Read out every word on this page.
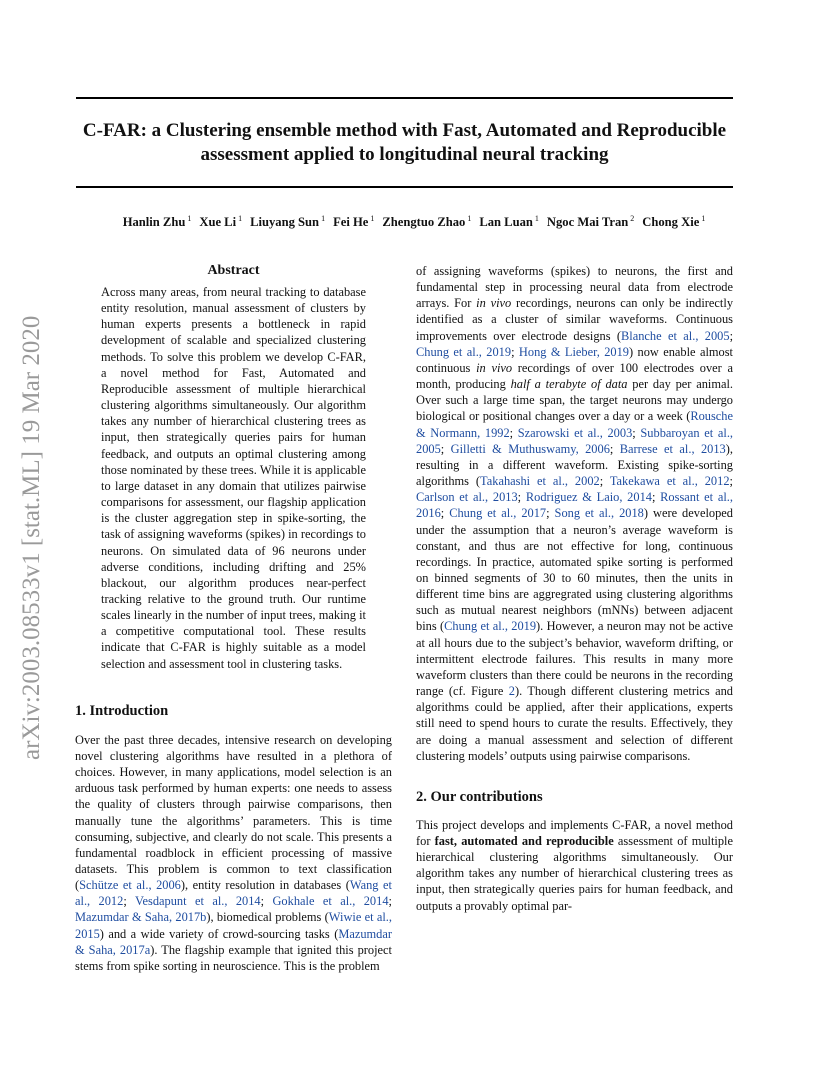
C-FAR: a Clustering ensemble method with Fast, Automated and Reproducible
assessment applied to longitudinal neural tracking
Hanlin Zhu $^1$ Xue Li $^1$ Liuyang Sun $^1$ Fei He $^1$ Zhengtuo Zhao $^1$ Lan Luan $^1$ Ngoc Mai Tran $^2$ Chong Xie $^1$
arXiv:2003.08533v1 [stat.ML] 19 Mar 2020
Abstract

Across many areas, from neural tracking to database entity resolution, manual assessment of clusters by human experts presents a bottleneck in rapid development of scalable and specialized clustering methods. To solve this problem we develop C-FAR, a novel method for Fast, Automated and Reproducible assessment of multiple hierarchical clustering algorithms simultaneously. Our algorithm takes any number of hierarchical clustering trees as input, then strategically queries pairs for human feedback, and outputs an optimal clustering among those nominated by these trees. While it is applicable to large dataset in any domain that utilizes pairwise comparisons for assessment, our flagship application is the cluster aggregation step in spike-sorting, the task of assigning waveforms (spikes) in recordings to neurons. On simulated data of 96 neurons under adverse conditions, including drifting and 25% blackout, our algorithm produces near-perfect tracking relative to the ground truth. Our runtime scales linearly in the number of input trees, making it a competitive computational tool. These results indicate that C-FAR is highly suitable as a model selection and assessment tool in clustering tasks.

1. Introduction

Over the past three decades, intensive research on developing novel clustering algorithms have resulted in a plethora of choices. However, in many applications, model selection is an arduous task performed by human experts: one needs to assess the quality of clusters through pairwise comparisons, then manually tune the algorithms’ parameters. This is time consuming, subjective, and clearly do not scale. This presents a fundamental roadblock in efficient processing of massive datasets. This problem is common to text classification (Schütze et al., 2006), entity resolution in databases (Wang et al., 2012; Vesdapunt et al., 2014; Gokhale et al., 2014; Mazumdar & Saha, 2017b), biomedical problems (Wiwie et al., 2015) and a wide variety of crowd-sourcing tasks (Mazumdar & Saha, 2017a). The flagship example that ignited this project stems from spike sorting in neuroscience. This is the problem

of assigning waveforms (spikes) to neurons, the first and fundamental step in processing neural data from electrode arrays. For in vivo recordings, neurons can only be indirectly identified as a cluster of similar waveforms. Continuous improvements over electrode designs (Blanche et al., 2005; Chung et al., 2019; Hong & Lieber, 2019) now enable almost continuous in vivo recordings of over 100 electrodes over a month, producing half a terabyte of data per day per animal. Over such a large time span, the target neurons may undergo biological or positional changes over a day or a week (Rousche & Normann, 1992; Szarowski et al., 2003; Subbaroyan et al., 2005; Gilletti & Muthuswamy, 2006; Barrese et al., 2013), resulting in a different waveform. Existing spike-sorting algorithms (Takahashi et al., 2002; Takekawa et al., 2012; Carlson et al., 2013; Rodriguez & Laio, 2014; Rossant et al., 2016; Chung et al., 2017; Song et al., 2018) were developed under the assumption that a neuron’s average waveform is constant, and thus are not effective for long, continuous recordings. In practice, automated spike sorting is performed on binned segments of 30 to 60 minutes, then the units in different time bins are aggregrated using clustering algorithms such as mutual nearest neighbors (mNNs) between adjacent bins (Chung et al., 2019). However, a neuron may not be active at all hours due to the subject’s behavior, waveform drifting, or intermittent electrode failures. This results in many more waveform clusters than there could be neurons in the recording range (cf. Figure 2). Though different clustering metrics and algorithms could be applied, after their applications, experts still need to spend hours to curate the results. Effectively, they are doing a manual assessment and selection of different clustering models’ outputs using pairwise comparisons.

2. Our contributions

This project develops and implements C-FAR, a novel method for fast, automated and reproducible assessment of multiple hierarchical clustering algorithms simultaneously. Our algorithm takes any number of hierarchical clustering trees as input, then strategically queries pairs for human feedback, and outputs a provably optimal par-
